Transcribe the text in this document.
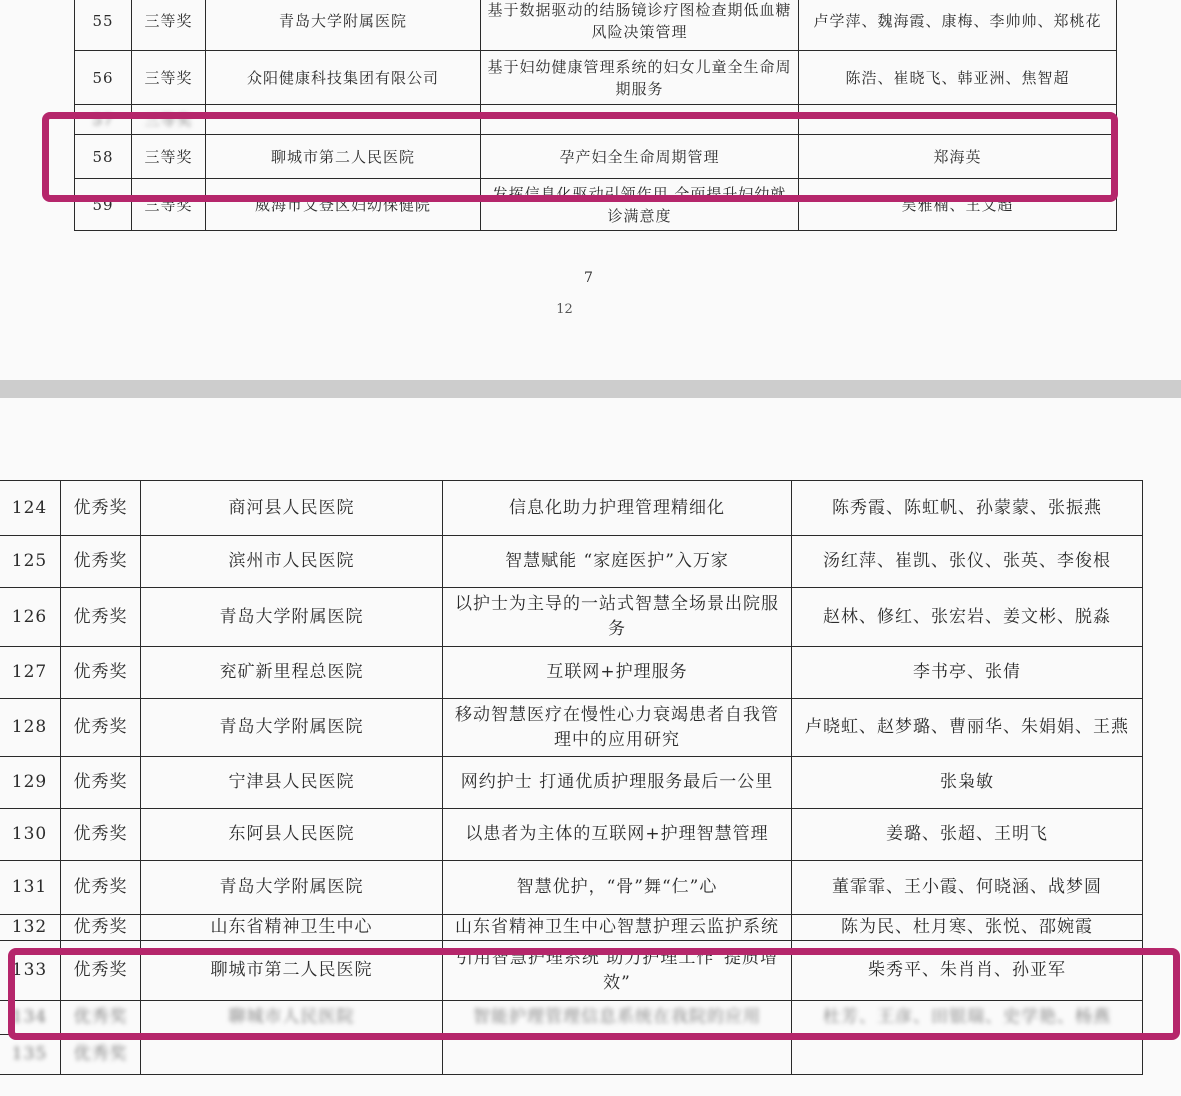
55	三等奖	青岛大学附属医院	基于数据驱动的结肠镜诊疗图检查期低血糖风险决策管理	卢学萍、魏海霞、康梅、李帅帅、郑桃花
56	三等奖	众阳健康科技集团有限公司	基于妇幼健康管理系统的妇女儿童全生命周期服务	陈浩、崔晓飞、韩亚洲、焦智超
57	三等奖			
58	三等奖	聊城市第二人民医院	孕产妇全生命周期管理	郑海英
59	三等奖	威海市文登区妇幼保健院	发挥信息化驱动引领作用 全面提升妇幼就诊满意度	吴雅楠、王文超
7
12
124	优秀奖	商河县人民医院	信息化助力护理管理精细化	陈秀霞、陈虹帆、孙蒙蒙、张振燕
125	优秀奖	滨州市人民医院	智慧赋能 “家庭医护”入万家	汤红萍、崔凯、张仪、张英、李俊根
126	优秀奖	青岛大学附属医院	以护士为主导的一站式智慧全场景出院服务	赵林、修红、张宏岩、姜文彬、脱淼
127	优秀奖	兖矿新里程总医院	互联网+护理服务	李书亭、张倩
128	优秀奖	青岛大学附属医院	移动智慧医疗在慢性心力衰竭患者自我管理中的应用研究	卢晓虹、赵梦璐、曹丽华、朱娟娟、王燕
129	优秀奖	宁津县人民医院	网约护士 打通优质护理服务最后一公里	张枭敏
130	优秀奖	东阿县人民医院	以患者为主体的互联网+护理智慧管理	姜璐、张超、王明飞
131	优秀奖	青岛大学附属医院	智慧优护，“骨”舞“仁”心	董霏霏、王小霞、何晓涵、战梦圆
132	优秀奖	山东省精神卫生中心	山东省精神卫生中心智慧护理云监护系统	陈为民、杜月寒、张悦、邵婉霞
133	优秀奖	聊城市第二人民医院	引用智慧护理系统 助力护理工作“提质增效”	柴秀平、朱肖肖、孙亚军
134	优秀奖	聊城市人民医院	智能护理管理信息系统在我院的应用	杜芳、王彦、田银瑞、史学艳、杨燕
135	优秀奖			
